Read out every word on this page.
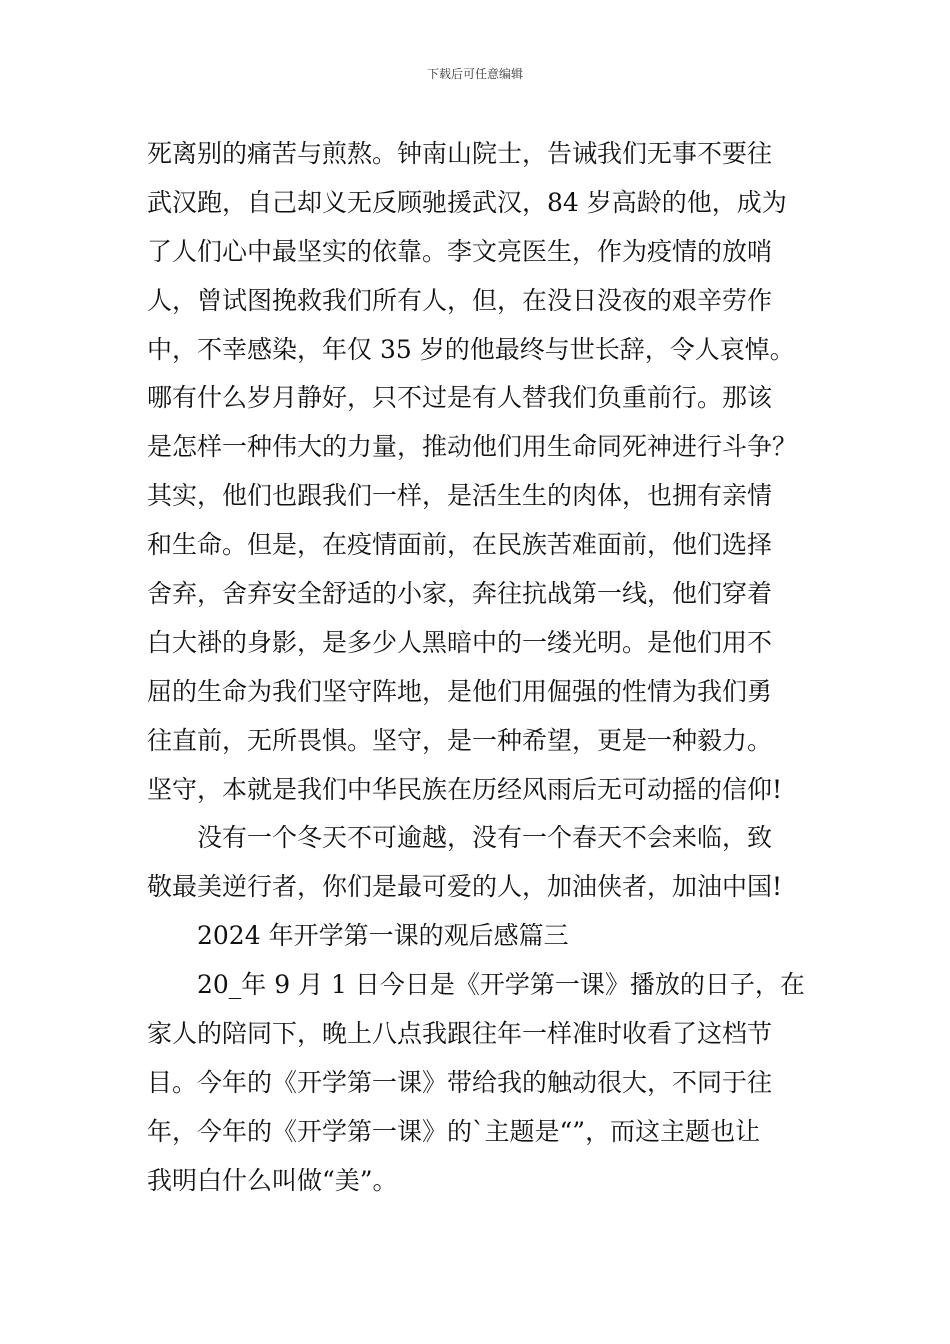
下载后可任意编辑
死离别的痛苦与煎熬。钟南山院士，告诫我们无事不要往
武汉跑，自己却义无反顾驰援武汉，84 岁高龄的他，成为
了人们心中最坚实的依靠。李文亮医生，作为疫情的放哨
人，曾试图挽救我们所有人，但，在没日没夜的艰辛劳作
中，不幸感染，年仅 35 岁的他最终与世长辞，令人哀悼。
哪有什么岁月静好，只不过是有人替我们负重前行。那该
是怎样一种伟大的力量，推动他们用生命同死神进行斗争？
其实，他们也跟我们一样，是活生生的肉体，也拥有亲情
和生命。但是，在疫情面前，在民族苦难面前，他们选择
舍弃，舍弃安全舒适的小家，奔往抗战第一线，他们穿着
白大褂的身影，是多少人黑暗中的一缕光明。是他们用不
屈的生命为我们坚守阵地，是他们用倔强的性情为我们勇
往直前，无所畏惧。坚守，是一种希望，更是一种毅力。
坚守，本就是我们中华民族在历经风雨后无可动摇的信仰!
没有一个冬天不可逾越，没有一个春天不会来临，致
敬最美逆行者，你们是最可爱的人，加油侠者，加油中国!
2024 年开学第一课的观后感篇三
20_年 9 月 1 日今日是《开学第一课》播放的日子，在
家人的陪同下，晚上八点我跟往年一样准时收看了这档节
目。今年的《开学第一课》带给我的触动很大，不同于往
年，今年的《开学第一课》的`主题是“”，而这主题也让
我明白什么叫做“美”。
